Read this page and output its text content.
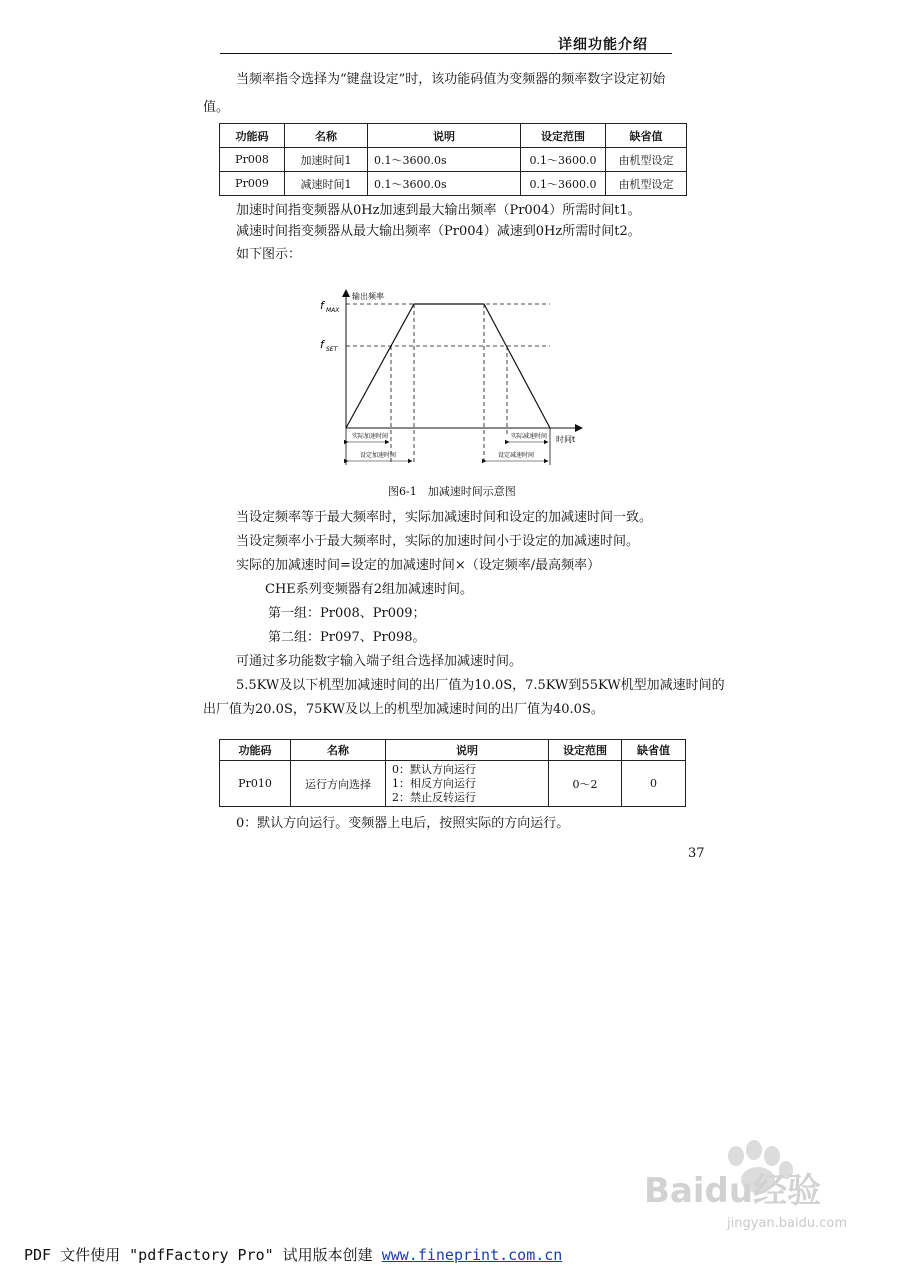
详细功能介绍
当频率指令选择为“键盘设定”时，该功能码值为变频器的频率数字设定初始
值。
功能码	名称	说明	设定范围	缺省值
Pr008	加速时间1	0.1～3600.0s	0.1～3600.0	由机型设定
Pr009	减速时间1	0.1～3600.0s	0.1～3600.0	由机型设定
加速时间指变频器从0Hz加速到最大输出频率（Pr004）所需时间t1。
减速时间指变频器从最大输出频率（Pr004）减速到0Hz所需时间t2。
如下图示：
输出频率
时间t
f MAX
f SET
实际加速时间	实际减速时间
设定加速时间	设定减速时间
图6-1　加减速时间示意图
当设定频率等于最大频率时，实际加减速时间和设定的加减速时间一致。
当设定频率小于最大频率时，实际的加速时间小于设定的加减速时间。
实际的加减速时间=设定的加减速时间×（设定频率/最高频率）
CHE系列变频器有2组加减速时间。
第一组：Pr008、Pr009；
第二组：Pr097、Pr098。
可通过多功能数字输入端子组合选择加减速时间。
5.5KW及以下机型加减速时间的出厂值为10.0S，7.5KW到55KW机型加减速时间的
出厂值为20.0S，75KW及以上的机型加减速时间的出厂值为40.0S。
功能码	名称	说明	设定范围	缺省值
Pr010	运行方向选择	0：默认方向运行
1：相反方向运行
2：禁止反转运行	0～2	0
0：默认方向运行。变频器上电后，按照实际的方向运行。
37
Baidu经验
jingyan.baidu.com
PDF 文件使用 "pdfFactory Pro" 试用版本创建 www.fineprint.com.cn
